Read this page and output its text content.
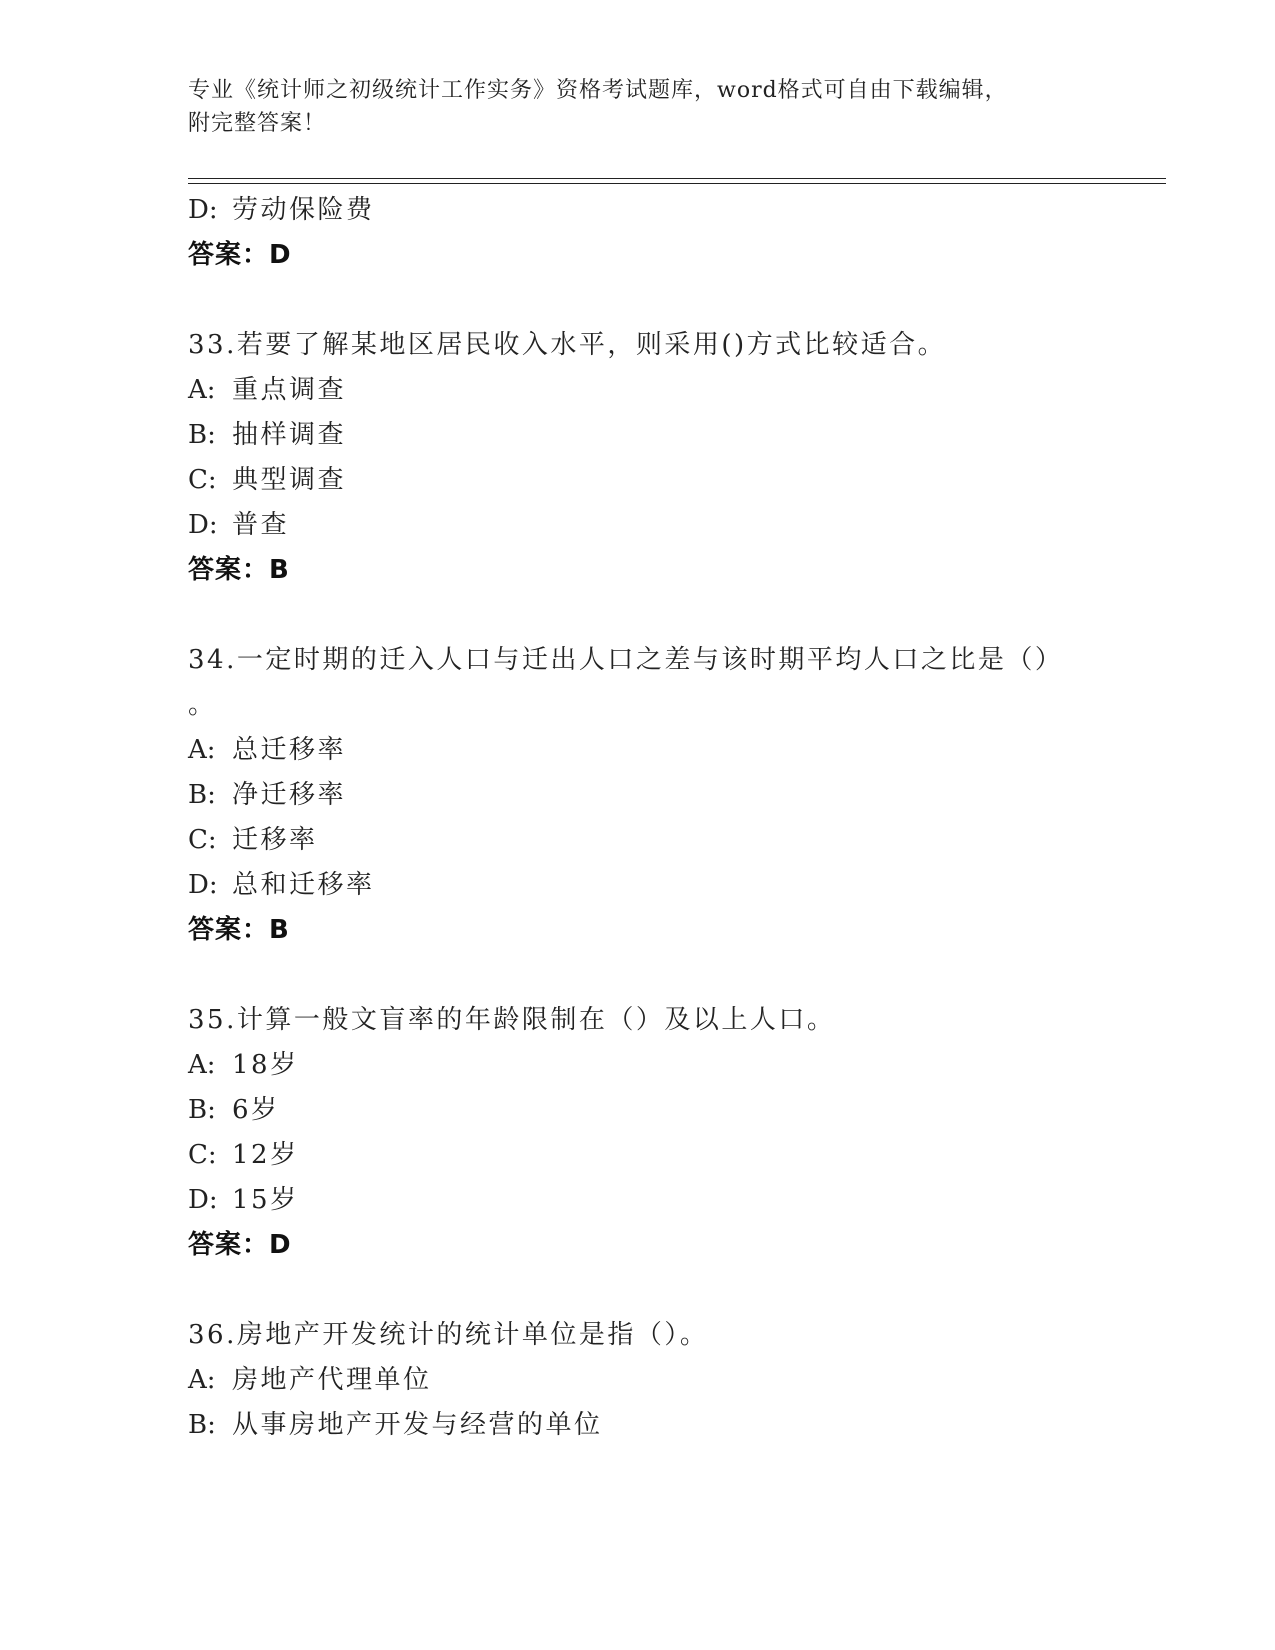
专业《统计师之初级统计工作实务》资格考试题库，word格式可自由下载编辑，
附完整答案！
D: 劳动保险费
答案：D
33.若要了解某地区居民收入水平，则采用()方式比较适合。
A: 重点调查
B: 抽样调查
C: 典型调查
D: 普查
答案：B
34.一定时期的迁入人口与迁出人口之差与该时期平均人口之比是（）
。
A: 总迁移率
B: 净迁移率
C: 迁移率
D: 总和迁移率
答案：B
35.计算一般文盲率的年龄限制在（）及以上人口。
A: 18岁
B: 6岁
C: 12岁
D: 15岁
答案：D
36.房地产开发统计的统计单位是指（）。
A: 房地产代理单位
B: 从事房地产开发与经营的单位
